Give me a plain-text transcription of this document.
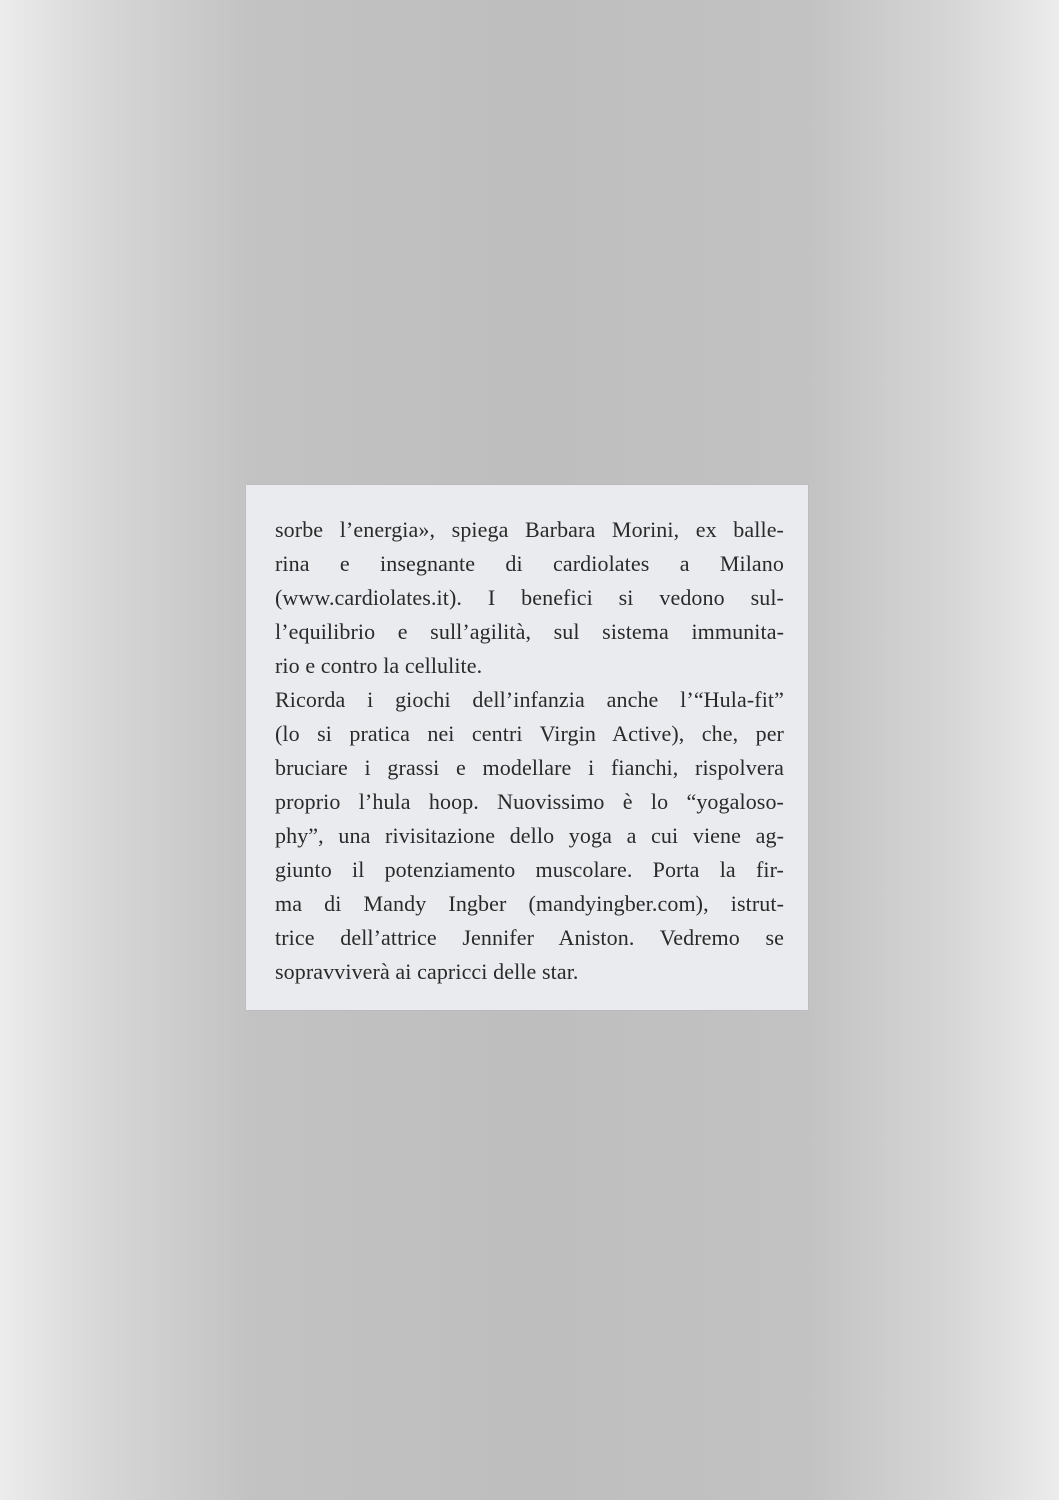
sorbe l’energia», spiega Barbara Morini, ex balle-
rina e insegnante di cardiolates a Milano
(www.cardiolates.it). I benefici si vedono sul-
l’equilibrio e sull’agilità, sul sistema immunita-
rio e contro la cellulite.
Ricorda i giochi dell’infanzia anche l’“Hula-fit”
(lo si pratica nei centri Virgin Active), che, per
bruciare i grassi e modellare i fianchi, rispolvera
proprio l’hula hoop. Nuovissimo è lo “yogaloso-
phy”, una rivisitazione dello yoga a cui viene ag-
giunto il potenziamento muscolare. Porta la fir-
ma di Mandy Ingber (mandyingber.com), istrut-
trice dell’attrice Jennifer Aniston. Vedremo se
sopravviverà ai capricci delle star.
